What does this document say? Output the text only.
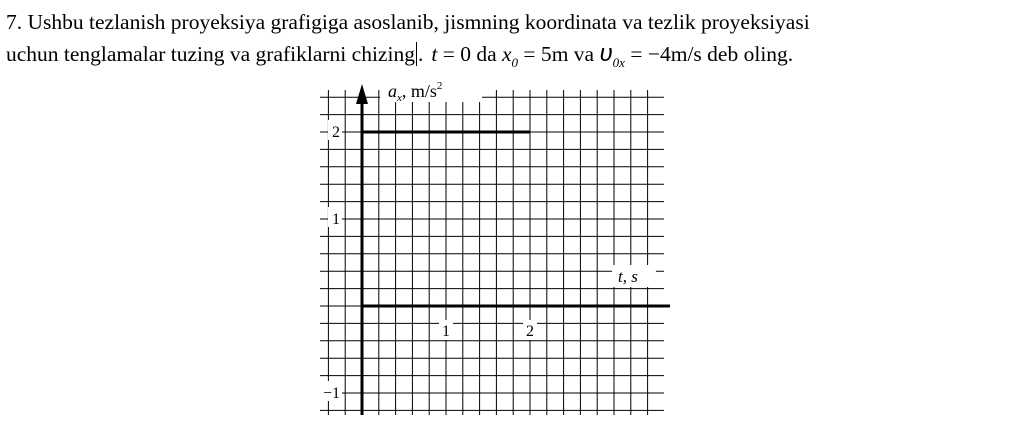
7. Ushbu tezlanish proyeksiya grafigiga asoslanib, jismning koordinata va tezlik proyeksiyasi
uchun tenglamalar tuzing va grafiklarni chizing . t = 0 da $x_0 = 5m$ va $\upsilon_{0x} = -4m/s$ deb oling.

1	2
2
1
−1
$a_x$, $m/s^2$
t, s
